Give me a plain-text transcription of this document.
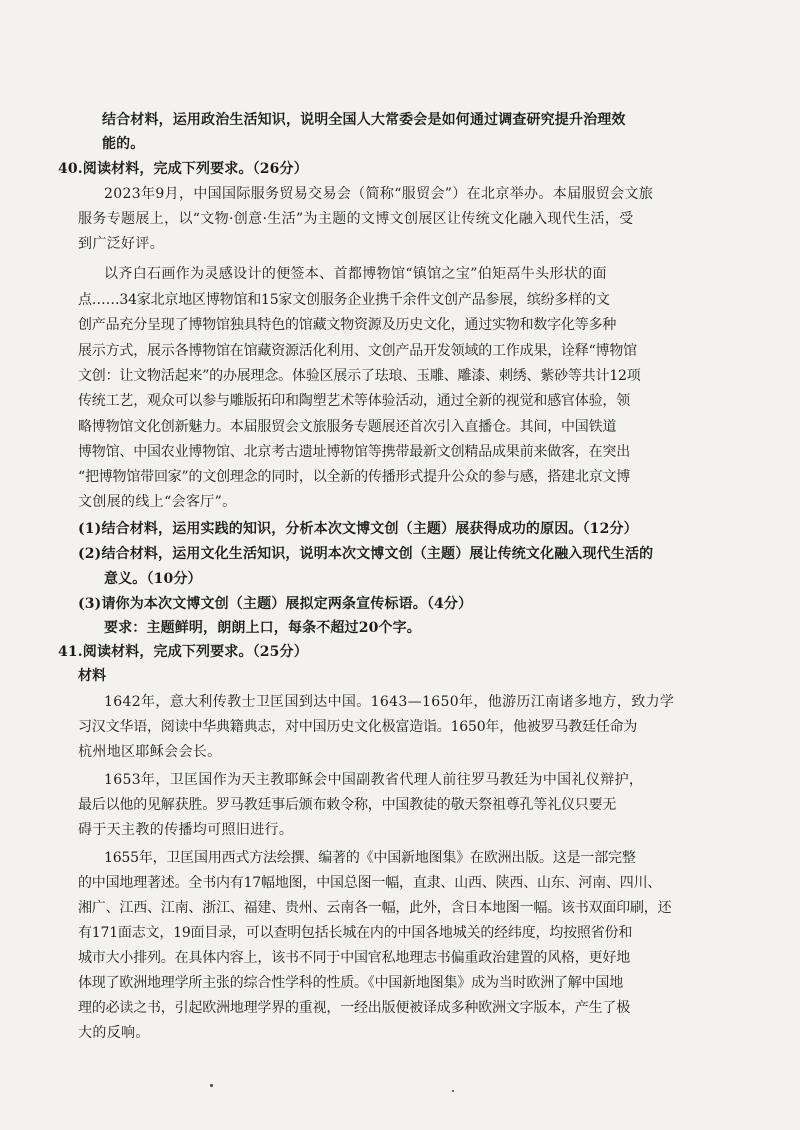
结合材料，运用政治生活知识，说明全国人大常委会是如何通过调查研究提升治理效
能的。
40.阅读材料，完成下列要求。（26分）
2023年9月，中国国际服务贸易交易会（简称“服贸会”）在北京举办。本届服贸会文旅
服务专题展上，以“文物·创意·生活”为主题的文博文创展区让传统文化融入现代生活，受
到广泛好评。
以齐白石画作为灵感设计的便签本、首都博物馆“镇馆之宝”伯矩鬲牛头形状的面
点……34家北京地区博物馆和15家文创服务企业携千余件文创产品参展，缤纷多样的文
创产品充分呈现了博物馆独具特色的馆藏文物资源及历史文化，通过实物和数字化等多种
展示方式，展示各博物馆在馆藏资源活化利用、文创产品开发领域的工作成果，诠释“博物馆
文创：让文物活起来”的办展理念。体验区展示了珐琅、玉雕、雕漆、刺绣、紫砂等共计12项
传统工艺，观众可以参与雕版拓印和陶塑艺术等体验活动，通过全新的视觉和感官体验，领
略博物馆文化创新魅力。本届服贸会文旅服务专题展还首次引入直播仓。其间，中国铁道
博物馆、中国农业博物馆、北京考古遗址博物馆等携带最新文创精品成果前来做客，在突出
“把博物馆带回家”的文创理念的同时，以全新的传播形式提升公众的参与感，搭建北京文博
文创展的线上“会客厅”。
(1)结合材料，运用实践的知识，分析本次文博文创（主题）展获得成功的原因。（12分）
(2)结合材料，运用文化生活知识，说明本次文博文创（主题）展让传统文化融入现代生活的
意义。（10分）
(3)请你为本次文博文创（主题）展拟定两条宣传标语。（4分）
要求：主题鲜明，朗朗上口，每条不超过20个字。
41.阅读材料，完成下列要求。（25分）
材料
1642年，意大利传教士卫匡国到达中国。1643—1650年，他游历江南诸多地方，致力学
习汉文华语，阅读中华典籍典志，对中国历史文化极富造诣。1650年，他被罗马教廷任命为
杭州地区耶稣会会长。
1653年，卫匡国作为天主教耶稣会中国副教省代理人前往罗马教廷为中国礼仪辩护，
最后以他的见解获胜。罗马教廷事后颁布敕令称，中国教徒的敬天祭祖尊孔等礼仪只要无
碍于天主教的传播均可照旧进行。
1655年，卫匡国用西式方法绘撰、编著的《中国新地图集》在欧洲出版。这是一部完整
的中国地理著述。全书内有17幅地图，中国总图一幅，直隶、山西、陕西、山东、河南、四川、
湘广、江西、江南、浙江、福建、贵州、云南各一幅，此外，含日本地图一幅。该书双面印刷，还
有171面志文，19面目录，可以查明包括长城在内的中国各地城关的经纬度，均按照省份和
城市大小排列。在具体内容上，该书不同于中国官私地理志书偏重政治建置的风格，更好地
体现了欧洲地理学所主张的综合性学科的性质。《中国新地图集》成为当时欧洲了解中国地
理的必读之书，引起欧洲地理学界的重视，一经出版便被译成多种欧洲文字版本，产生了极
大的反响。
